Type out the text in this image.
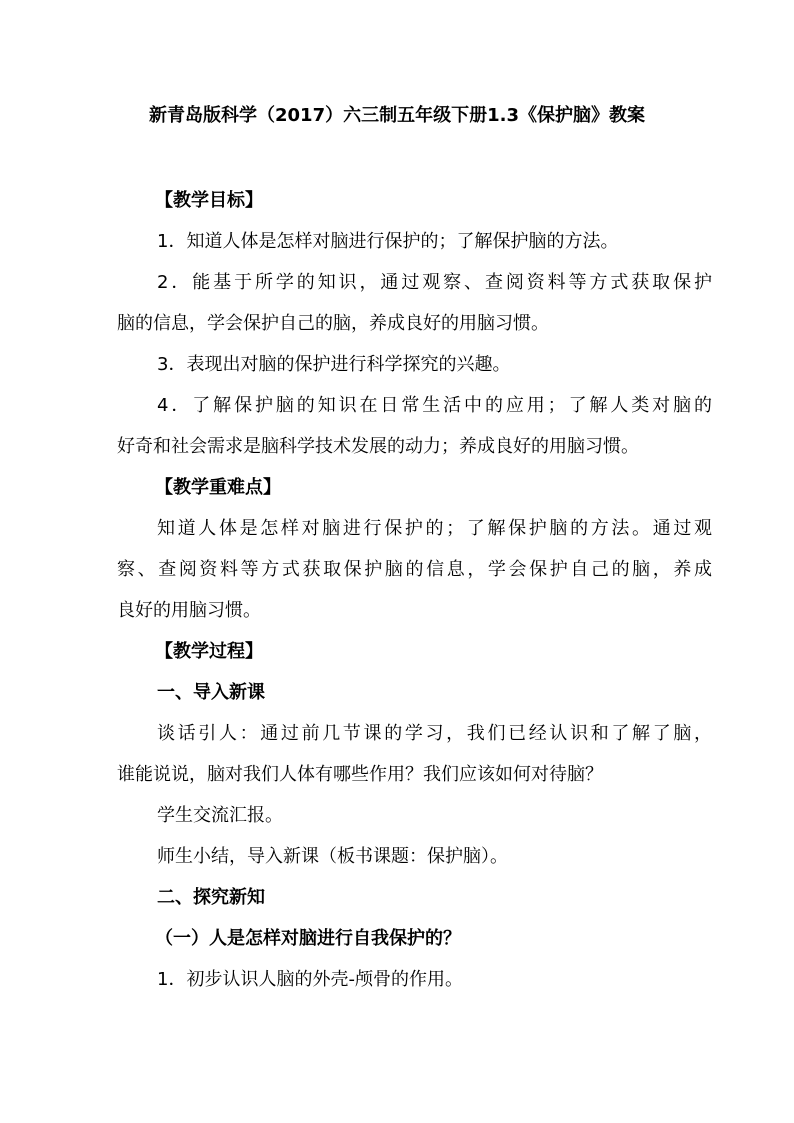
新青岛版科学（2017）六三制五年级下册1.3《保护脑》教案
【教学目标】
1．知道人体是怎样对脑进行保护的；了解保护脑的方法。
2．能基于所学的知识，通过观察、查阅资料等方式获取保护
脑的信息，学会保护自己的脑，养成良好的用脑习惯。
3．表现出对脑的保护进行科学探究的兴趣。
4．了解保护脑的知识在日常生活中的应用；了解人类对脑的
好奇和社会需求是脑科学技术发展的动力；养成良好的用脑习惯。
【教学重难点】
知道人体是怎样对脑进行保护的；了解保护脑的方法。通过观
察、查阅资料等方式获取保护脑的信息，学会保护自己的脑，养成
良好的用脑习惯。
【教学过程】
一、导入新课
谈话引人：通过前几节课的学习，我们已经认识和了解了脑，
谁能说说，脑对我们人体有哪些作用？我们应该如何对待脑？
学生交流汇报。
师生小结，导入新课（板书课题：保护脑）。
二、探究新知
（一）人是怎样对脑进行自我保护的？
1．初步认识人脑的外壳-颅骨的作用。
